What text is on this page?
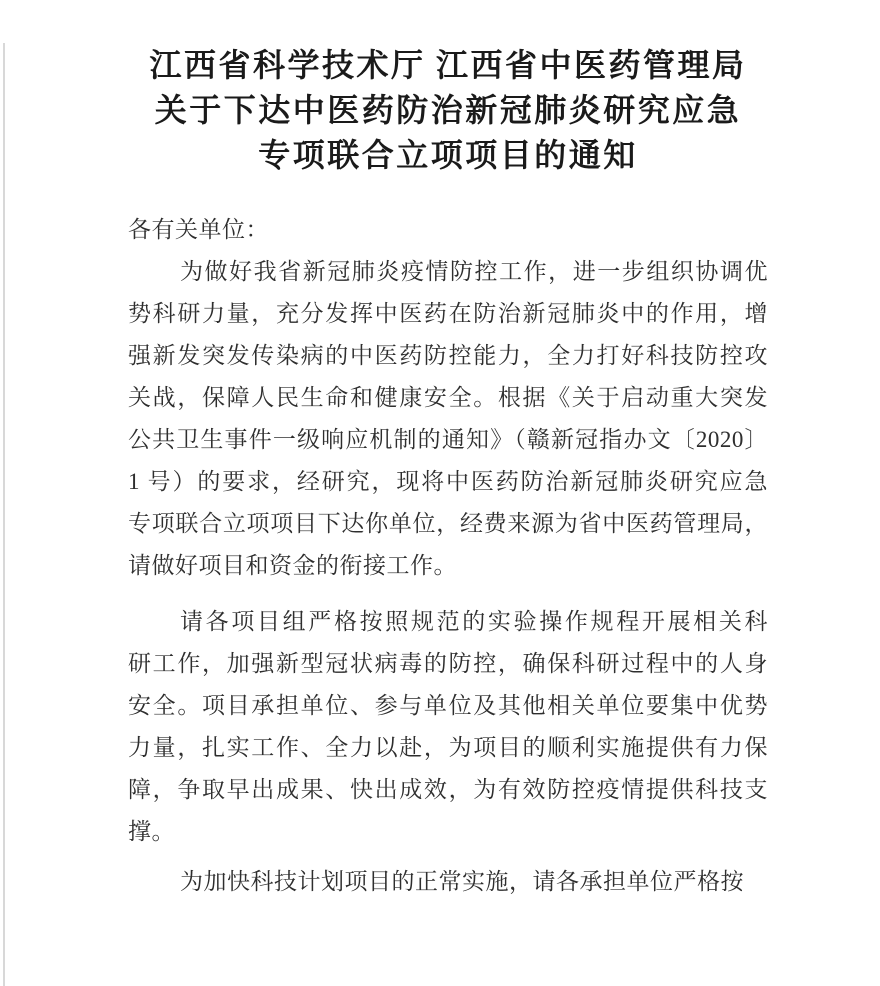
江西省科学技术厅 江西省中医药管理局
关于下达中医药防治新冠肺炎研究应急
专项联合立项项目的通知
各有关单位：
为做好我省新冠肺炎疫情防控工作，进一步组织协调优
势科研力量，充分发挥中医药在防治新冠肺炎中的作用，增
强新发突发传染病的中医药防控能力，全力打好科技防控攻
关战，保障人民生命和健康安全。根据《关于启动重大突发
公共卫生事件一级响应机制的通知》（赣新冠指办文〔2020〕
1 号）的要求，经研究，现将中医药防治新冠肺炎研究应急
专项联合立项项目下达你单位，经费来源为省中医药管理局，
请做好项目和资金的衔接工作。
请各项目组严格按照规范的实验操作规程开展相关科
研工作，加强新型冠状病毒的防控，确保科研过程中的人身
安全。项目承担单位、参与单位及其他相关单位要集中优势
力量，扎实工作、全力以赴，为项目的顺利实施提供有力保
障，争取早出成果、快出成效，为有效防控疫情提供科技支
撑。
为加快科技计划项目的正常实施，请各承担单位严格按
